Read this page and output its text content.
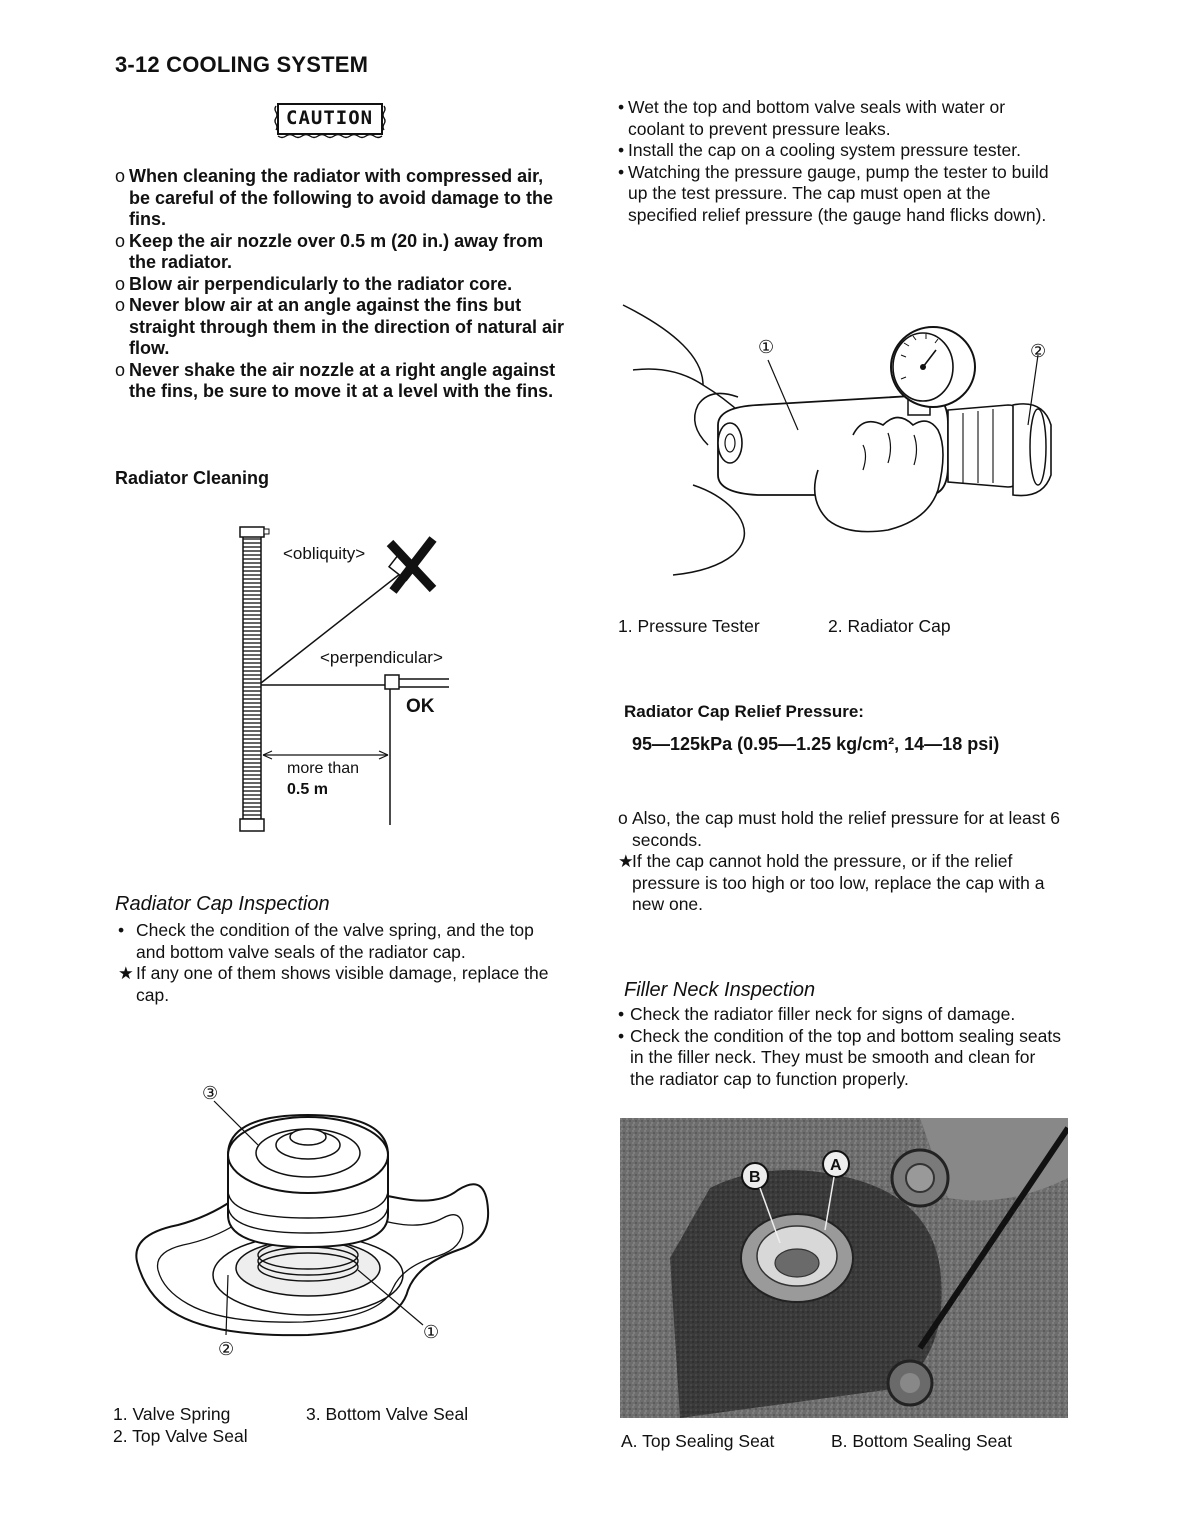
3-12 COOLING SYSTEM
CAUTION
o When cleaning the radiator with compressed air, be careful of the following to avoid damage to the fins.
o Keep the air nozzle over 0.5 m (20 in.) away from the radiator.
o Blow air perpendicularly to the radiator core.
o Never blow air at an angle against the fins but straight through them in the direction of natural air flow.
o Never shake the air nozzle at a right angle against the fins, be sure to move it at a level with the fins.
Radiator Cleaning
<obliquity>
<perpendicular>
OK
more than
0.5 m
Radiator Cap Inspection
• Check the condition of the valve spring, and the top and bottom valve seals of the radiator cap.
★ If any one of them shows visible damage, replace the cap.
③
②
①
1. Valve Spring
2. Top Valve Seal
3. Bottom Valve Seal
• Wet the top and bottom valve seals with water or coolant to prevent pressure leaks.
• Install the cap on a cooling system pressure tester.
• Watching the pressure gauge, pump the tester to build up the test pressure. The cap must open at the specified relief pressure (the gauge hand flicks down).
①	②
1. Pressure Tester	2. Radiator Cap
Radiator Cap Relief Pressure:
95—125kPa (0.95—1.25 kg/cm², 14—18 psi)
o Also, the cap must hold the relief pressure for at least 6 seconds.
★
If the cap cannot hold the pressure, or if the relief pressure is too high or too low, replace the cap with a new one.
Filler Neck Inspection
• Check the radiator filler neck for signs of damage.
• Check the condition of the top and bottom sealing seats in the filler neck. They must be smooth and clean for the radiator cap to function properly.
B
A
A. Top Sealing Seat	B. Bottom Sealing Seat
